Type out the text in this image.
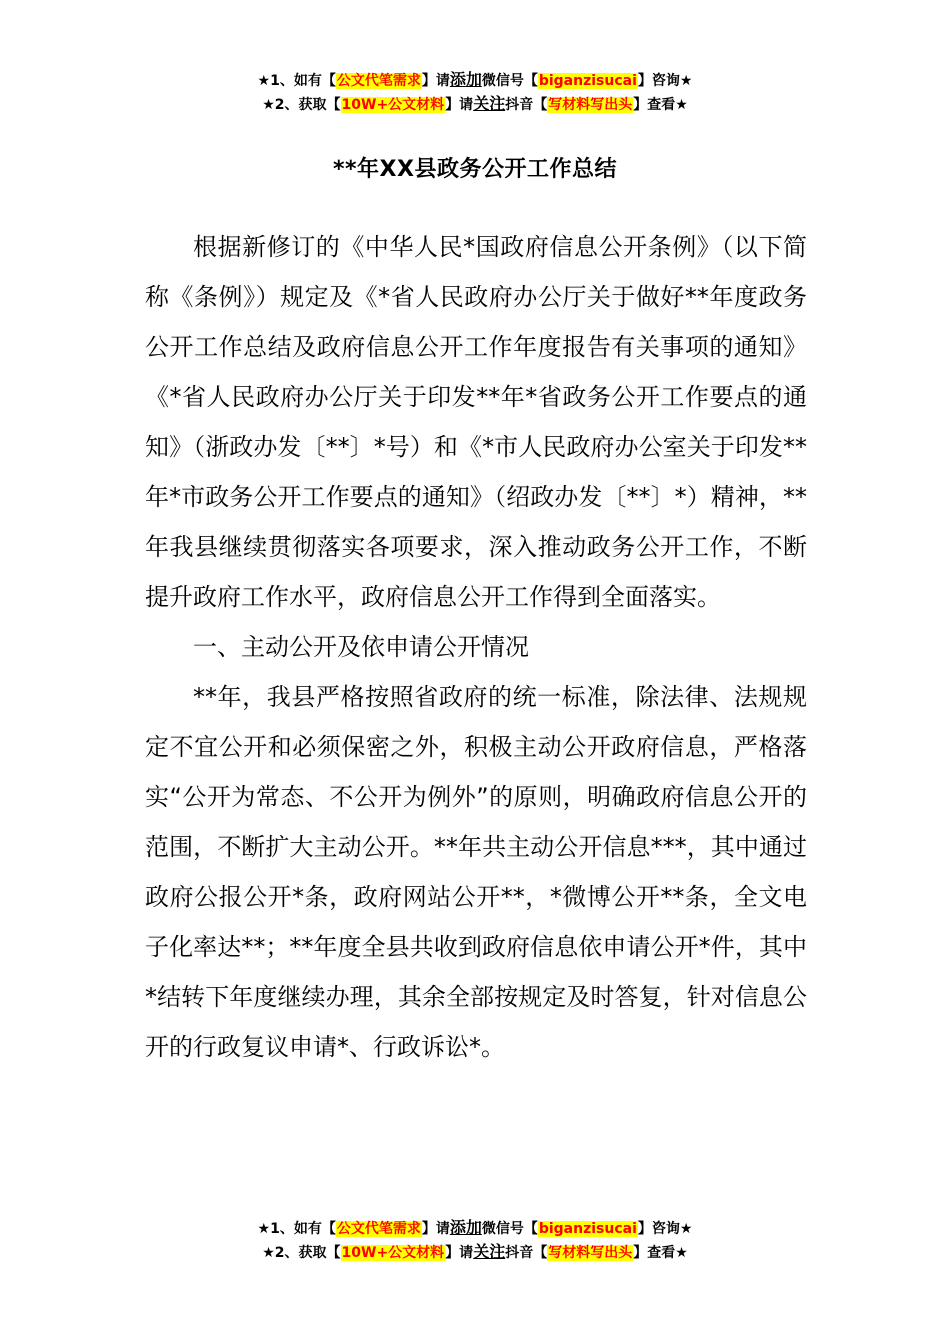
★1、如有【公文代笔需求】请添加微信号【biganzisucai】咨询★
★2、获取【10W+公文材料】请关注抖音【写材料写出头】查看★
**年XX县政务公开工作总结

根据新修订的《中华人民*国政府信息公开条例》（以下简称《条例》）规定及《*省人民政府办公厅关于做好**年度政务公开工作总结及政府信息公开工作年度报告有关事项的通知》《*省人民政府办公厅关于印发**年*省政务公开工作要点的通知》（浙政办发〔**〕*号）和《*市人民政府办公室关于印发**年*市政务公开工作要点的通知》（绍政办发〔**〕*）精神，**年我县继续贯彻落实各项要求，深入推动政务公开工作，不断提升政府工作水平，政府信息公开工作得到全面落实。

一、主动公开及依申请公开情况

**年，我县严格按照省政府的统一标准，除法律、法规规定不宜公开和必须保密之外，积极主动公开政府信息，严格落实“公开为常态、不公开为例外”的原则，明确政府信息公开的范围，不断扩大主动公开。**年共主动公开信息***，其中通过政府公报公开*条，政府网站公开**，*微博公开**条，全文电子化率达**；**年度全县共收到政府信息依申请公开*件，其中*结转下年度继续办理，其余全部按规定及时答复，针对信息公开的行政复议申请*、行政诉讼*。

★1、如有【公文代笔需求】请添加微信号【biganzisucai】咨询★
★2、获取【10W+公文材料】请关注抖音【写材料写出头】查看★
